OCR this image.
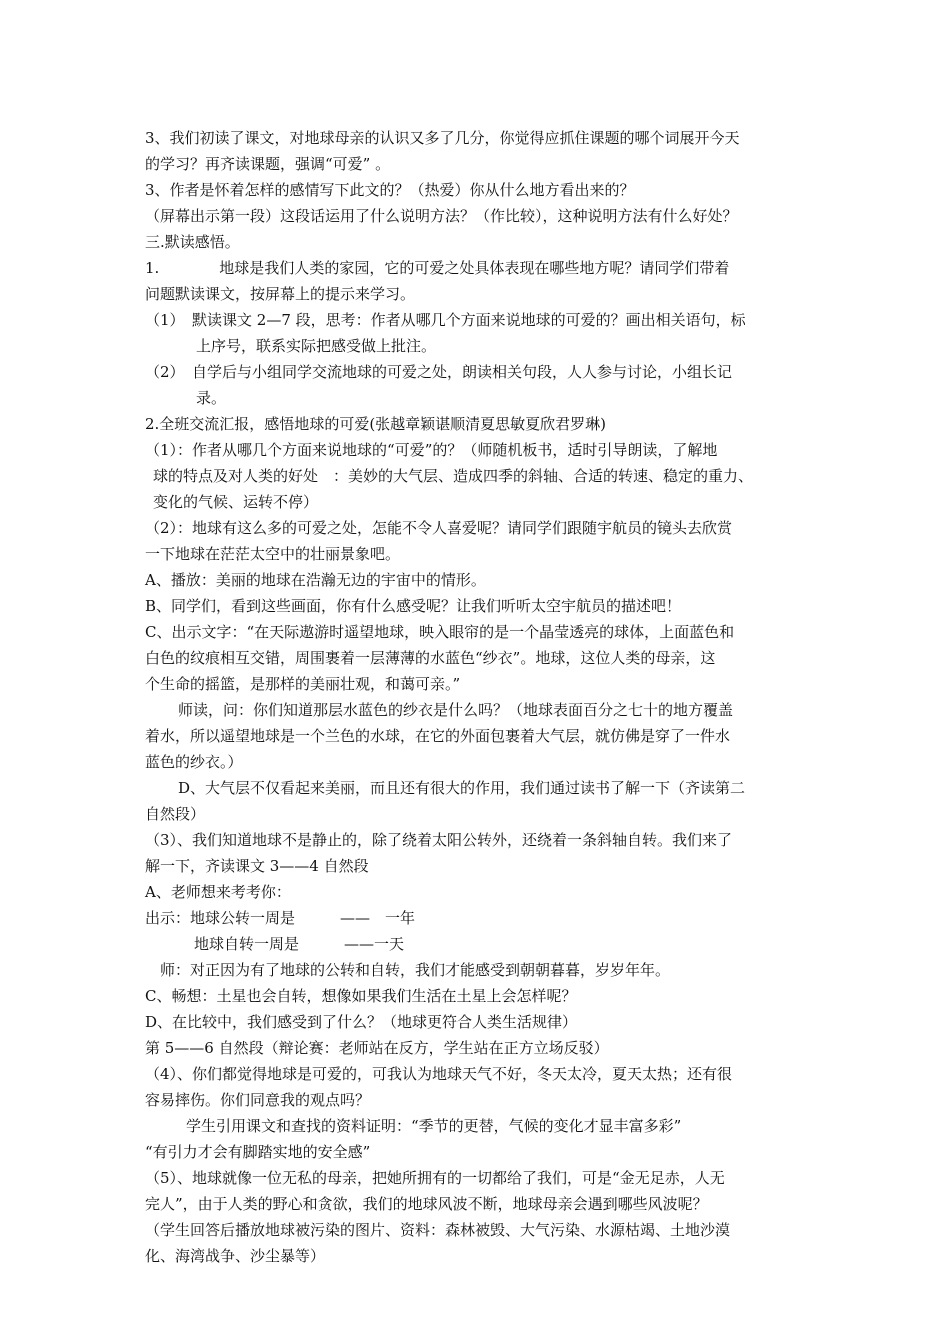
3、我们初读了课文，对地球母亲的认识又多了几分，你觉得应抓住课题的哪个词展开今天

的学习？再齐读课题，强调“可爱” 。

3、作者是怀着怎样的感情写下此文的？（热爱）你从什么地方看出来的？

（屏幕出示第一段）这段话运用了什么说明方法？（作比较），这种说明方法有什么好处？

三.默读感悟。

1.　　　　地球是我们人类的家园，它的可爱之处具体表现在哪些地方呢？请同学们带着

问题默读课文，按屏幕上的提示来学习。

（1）　默读课文 2—7 段，思考：作者从哪几个方面来说地球的可爱的？画出相关语句，标

上序号，联系实际把感受做上批注。

（2）　自学后与小组同学交流地球的可爱之处，朗读相关句段，人人参与讨论，小组长记

录。

2.全班交流汇报，感悟地球的可爱(张越章颖谌顺清夏思敏夏欣君罗琳)

（1）：作者从哪几个方面来说地球的“可爱”的？（师随机板书，适时引导朗读，了解地

球的特点及对人类的好处　：美妙的大气层、造成四季的斜轴、合适的转速、稳定的重力、

变化的气候、运转不停）

（2）：地球有这么多的可爱之处，怎能不令人喜爱呢？请同学们跟随宇航员的镜头去欣赏

一下地球在茫茫太空中的壮丽景象吧。

A、播放：美丽的地球在浩瀚无边的宇宙中的情形。

B、同学们，看到这些画面，你有什么感受呢？让我们听听太空宇航员的描述吧！

C、出示文字：“在天际遨游时遥望地球，映入眼帘的是一个晶莹透亮的球体，上面蓝色和

白色的纹痕相互交错，周围裹着一层薄薄的水蓝色“纱衣”。地球，这位人类的母亲，这

个生命的摇篮，是那样的美丽壮观，和蔼可亲。”

师读，问：你们知道那层水蓝色的纱衣是什么吗？（地球表面百分之七十的地方覆盖

着水，所以遥望地球是一个兰色的水球，在它的外面包裹着大气层，就仿佛是穿了一件水

蓝色的纱衣。）

D、大气层不仅看起来美丽，而且还有很大的作用，我们通过读书了解一下（齐读第二

自然段）

（3）、我们知道地球不是静止的，除了绕着太阳公转外，还绕着一条斜轴自转。我们来了

解一下，齐读课文 3——4 自然段

A、老师想来考考你：

出示：地球公转一周是　　　——　一年

地球自转一周是　　　——一天

师：对正因为有了地球的公转和自转，我们才能感受到朝朝暮暮，岁岁年年。

C、畅想：土星也会自转，想像如果我们生活在土星上会怎样呢？

D、在比较中，我们感受到了什么？（地球更符合人类生活规律）

第 5——6 自然段（辩论赛：老师站在反方，学生站在正方立场反驳）

（4）、你们都觉得地球是可爱的，可我认为地球天气不好，冬天太冷，夏天太热；还有很

容易摔伤。你们同意我的观点吗？

学生引用课文和查找的资料证明：“季节的更替，气候的变化才显丰富多彩”

“有引力才会有脚踏实地的安全感”

（5）、地球就像一位无私的母亲，把她所拥有的一切都给了我们，可是“金无足赤，人无

完人”，由于人类的野心和贪欲，我们的地球风波不断，地球母亲会遇到哪些风波呢？

（学生回答后播放地球被污染的图片、资料：森林被毁、大气污染、水源枯竭、土地沙漠

化、海湾战争、沙尘暴等）
